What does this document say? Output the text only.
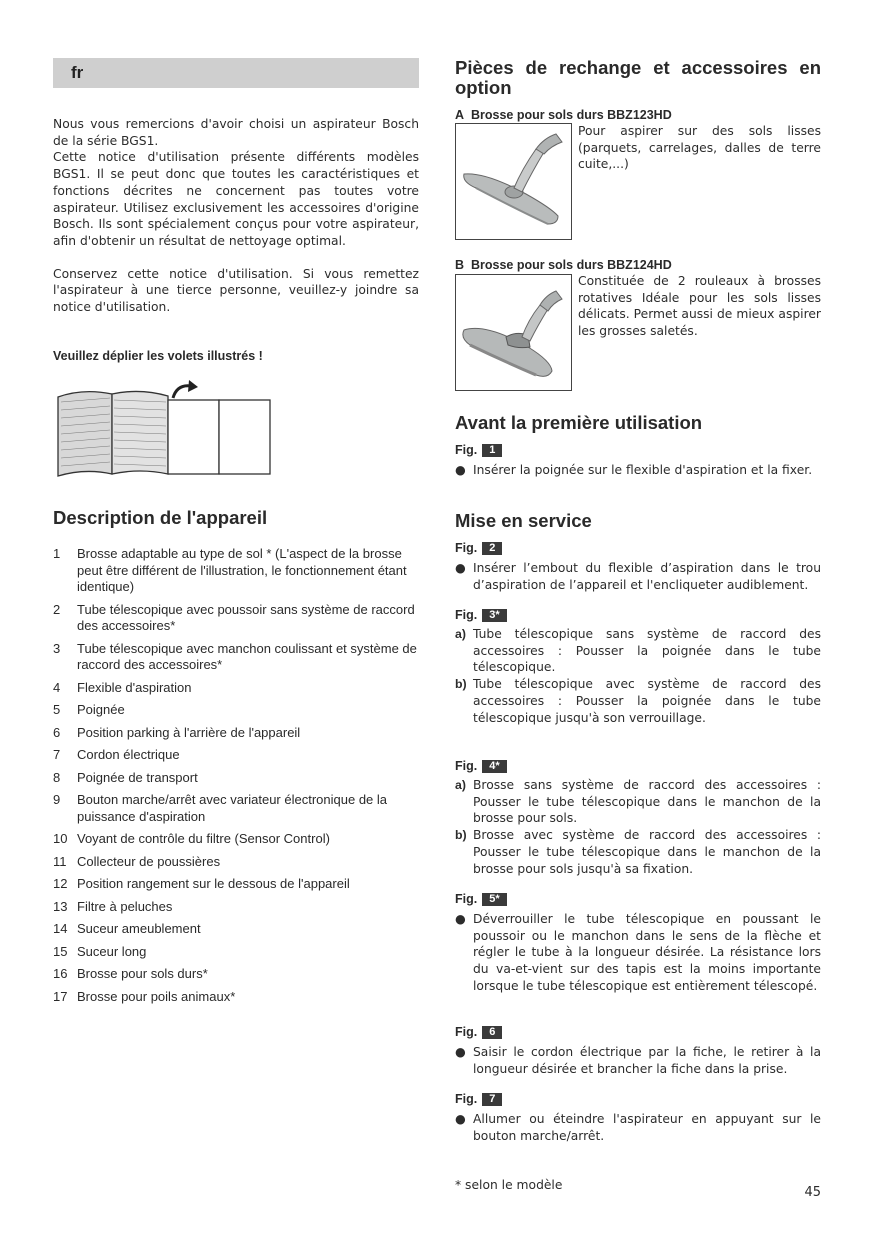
fr
Nous vous remercions d'avoir choisi un aspirateur Bosch de la série BGS1.
Cette notice d'utilisation présente différents modèles BGS1. Il se peut donc que toutes les caractéristiques et fonctions décrites ne concernent pas toutes votre aspirateur. Utilisez exclusivement les accessoires d'origine Bosch. Ils sont spécialement conçus pour votre aspirateur, afin d'obtenir un résultat de nettoyage optimal.
Conservez cette notice d'utilisation. Si vous remettez l'aspirateur à une tierce personne, veuillez-y joindre sa notice d'utilisation.
Veuillez déplier les volets illustrés !
Description de l'appareil
1	Brosse adaptable au type de sol * (L'aspect de la brosse peut être différent de l'illustration, le fonctionnement étant identique)
2	Tube télescopique avec poussoir sans système de raccord des accessoires*
3	Tube télescopique avec manchon coulissant et système de raccord des accessoires*
4	Flexible d'aspiration
5	Poignée
6	Position parking à l'arrière de l'appareil
7	Cordon électrique
8	Poignée de transport
9	Bouton marche/arrêt avec variateur électronique de la puissance d'aspiration
10 Voyant de contrôle du filtre (Sensor Control)
11 Collecteur de poussières
12 Position rangement sur le dessous de l'appareil
13 Filtre à peluches
14 Suceur ameublement
15 Suceur long
16 Brosse pour sols durs*
17 Brosse pour poils animaux*
Pièces de rechange et accessoires en option
A Brosse pour sols durs BBZ123HD
Pour aspirer sur des sols lisses (parquets, carrelages, dalles de terre cuite,...)
B Brosse pour sols durs BBZ124HD
Constituée de 2 rouleaux à brosses rotatives Idéale pour les sols lisses délicats. Permet aussi de mieux aspirer les grosses saletés.
Avant la première utilisation
Fig.	1
● Insérer la poignée sur le flexible d'aspiration et la fixer.
Mise en service
Fig.	2
● Insérer l’embout du flexible d’aspiration dans le trou d’aspiration de l’appareil et l'encliqueter audiblement.
Fig.	3*
a) Tube télescopique sans système de raccord des accessoires : Pousser la poignée dans le tube télescopique.
b) Tube télescopique avec système de raccord des accessoires : Pousser la poignée dans le tube télescopique jusqu'à son verrouillage.
Fig.	4*
a) Brosse sans système de raccord des accessoires : Pousser le tube télescopique dans le manchon de la brosse pour sols.
b) Brosse avec système de raccord des accessoires : Pousser le tube télescopique dans le manchon de la brosse pour sols jusqu'à sa fixation.
Fig.	5*
● Déverrouiller le tube télescopique en poussant le poussoir ou le manchon dans le sens de la flèche et régler le tube à la longueur désirée. La résistance lors du va-et-vient sur des tapis est la moins importante lorsque le tube télescopique est entièrement télescopé.
Fig.	6
● Saisir le cordon électrique par la fiche, le retirer à la longueur désirée et brancher la fiche dans la prise.
Fig.	7
● Allumer ou éteindre l'aspirateur en appuyant sur le bouton marche/arrêt.
* selon le modèle	45
